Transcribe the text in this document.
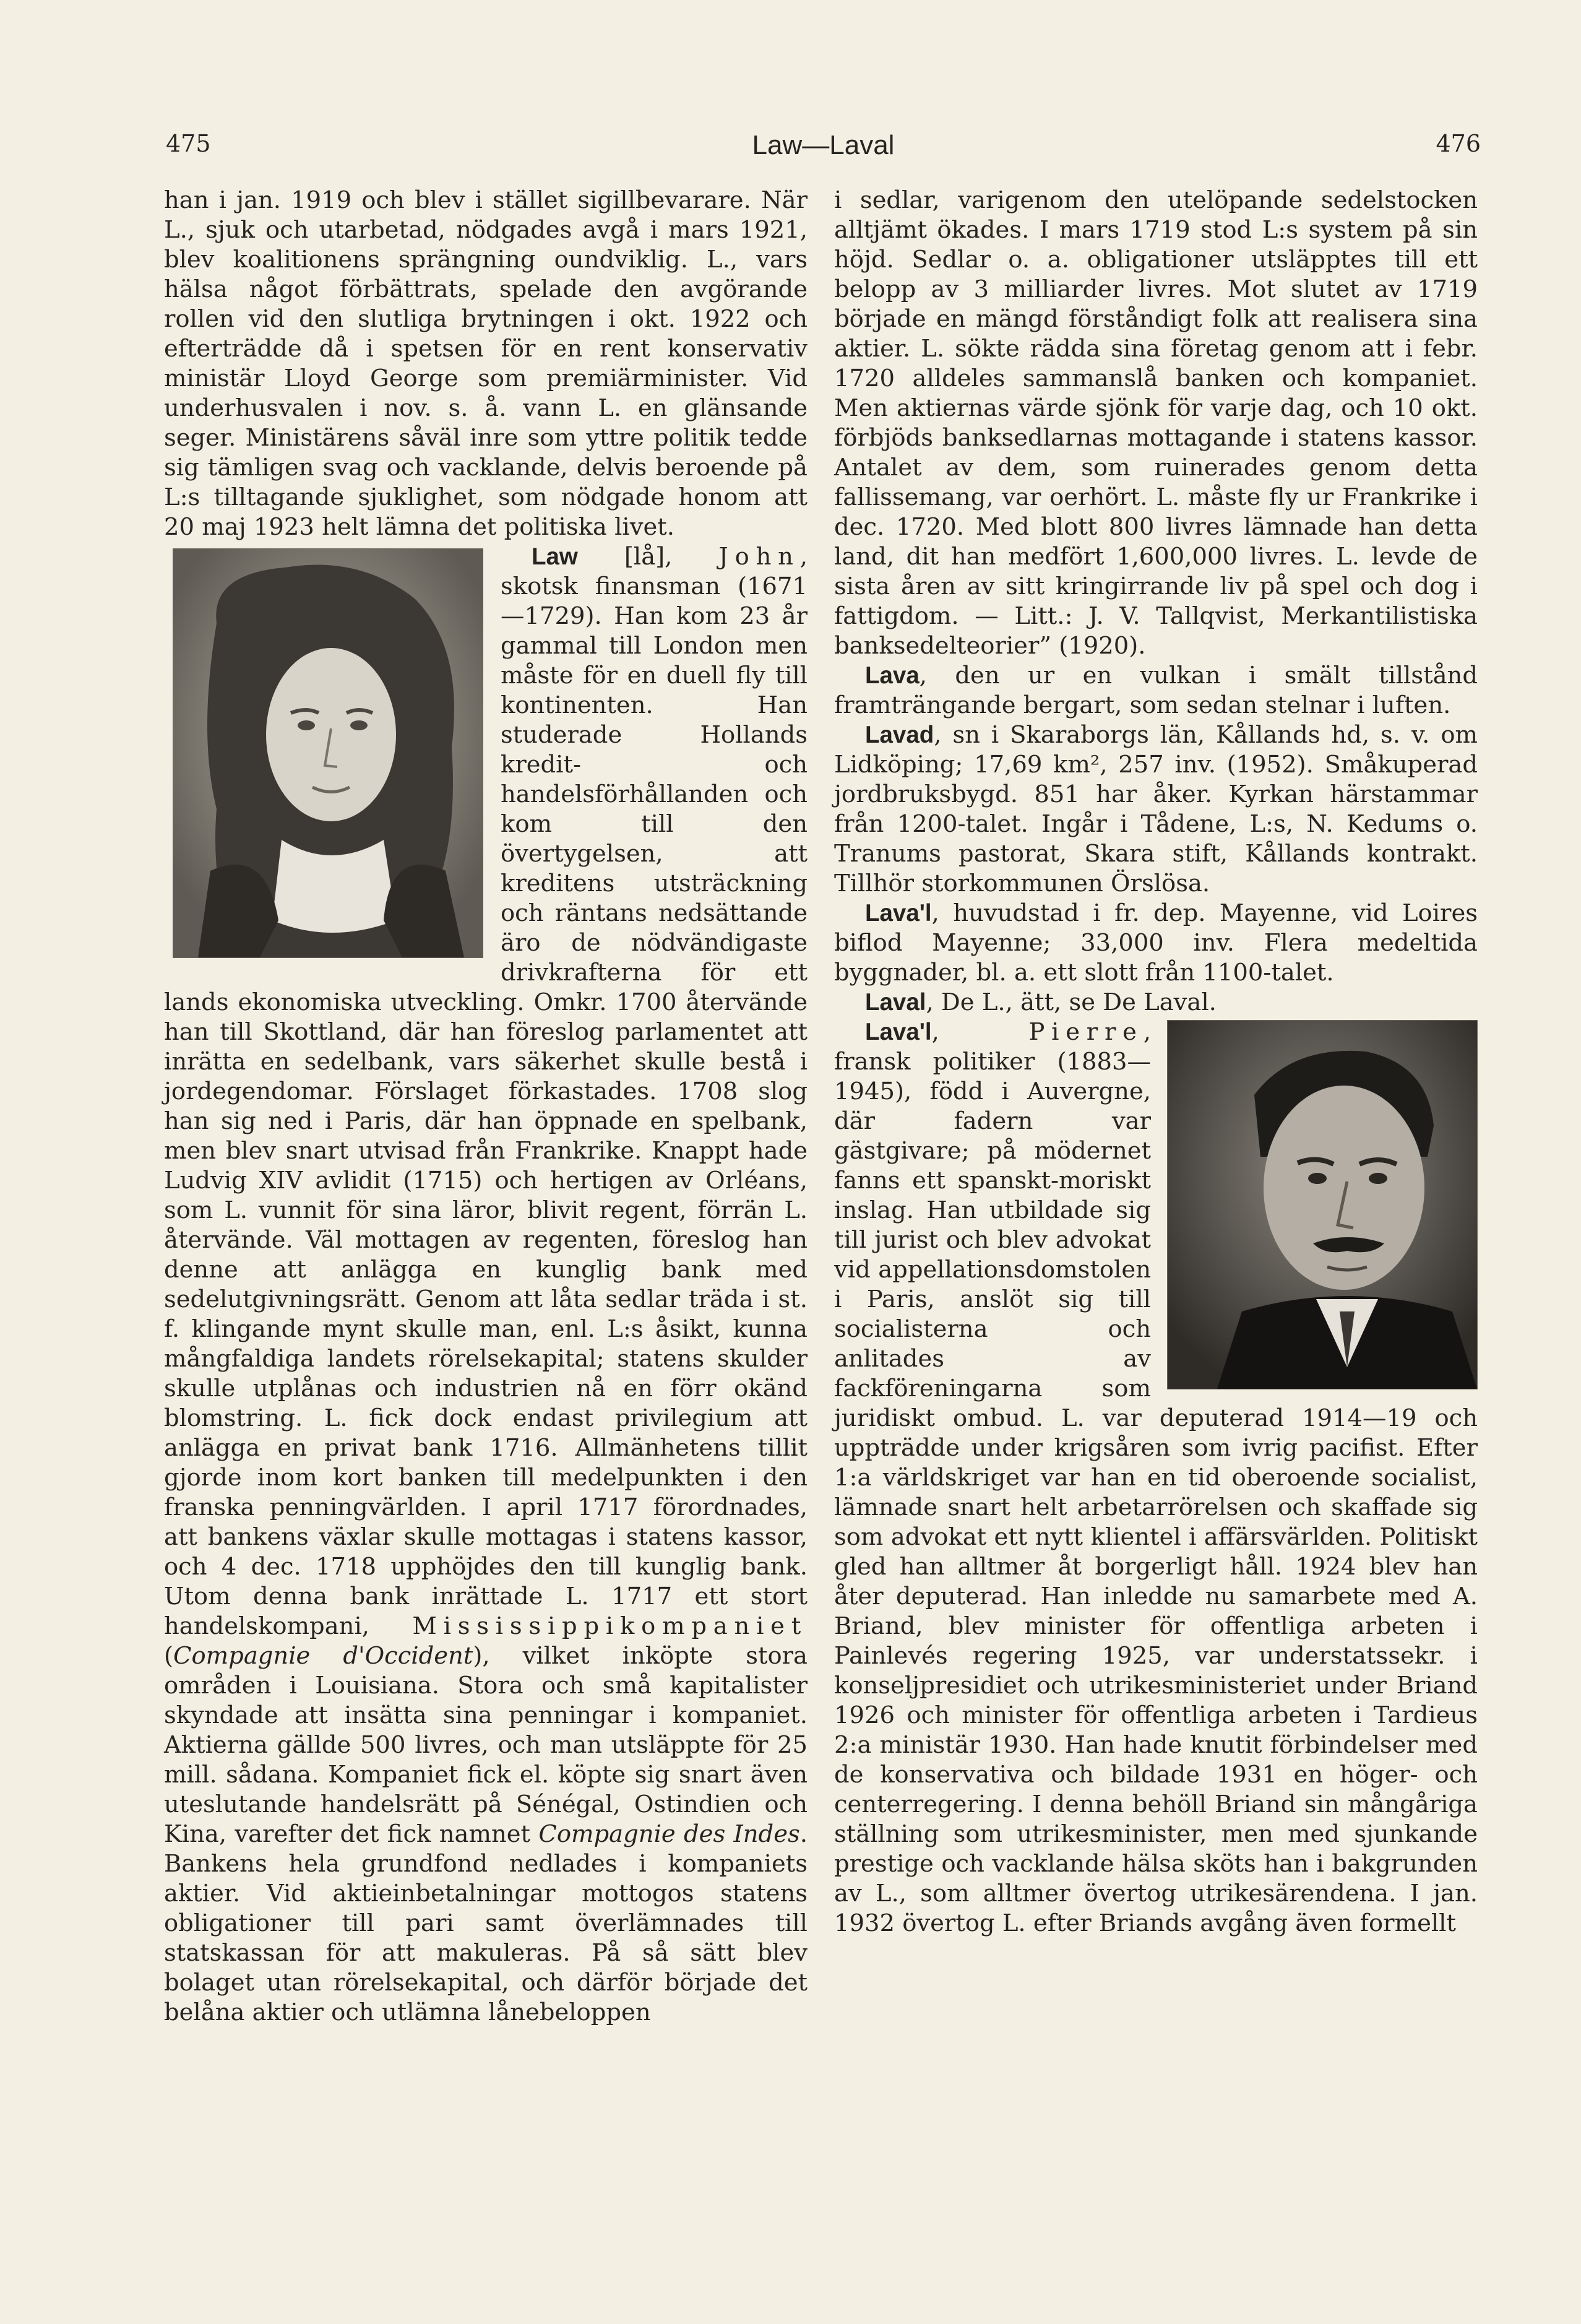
475	Law—Laval	476

han i jan. 1919 och blev i stället sigillbevarare. När L., sjuk och utarbetad, nödgades avgå i mars 1921, blev koalitionens sprängning oundviklig. L., vars hälsa något förbättrats, spelade den avgörande rollen vid den slutliga brytningen i okt. 1922 och efterträdde då i spetsen för en rent konservativ ministär Lloyd George som premiärminister. Vid underhusvalen i nov. s. å. vann L. en glänsande seger. Ministärens såväl inre som yttre politik tedde sig tämligen svag och vacklande, delvis beroende på L:s tilltagande sjuklighet, som nödgade honom att 20 maj 1923 helt lämna det politiska livet.

Law [lå], John
, skotsk finansman (1671—1729). Han kom 23 år gammal till London men måste för en duell fly till kontinenten. Han studerade Hollands kredit- och handelsförhållanden och kom till den övertygelsen, att kreditens utsträckning och räntans nedsättande äro de nödvändigaste drivkrafterna för ett lands ekonomiska utveckling. Omkr. 1700 återvände han till Skottland, där han föreslog parlamentet att inrätta en sedelbank, vars säkerhet skulle bestå i jordegendomar. Förslaget förkastades. 1708 slog han sig ned i Paris, där han öppnade en spelbank, men blev snart utvisad från Frankrike. Knappt hade Ludvig XIV avlidit (1715) och hertigen av Orléans, som L. vunnit för sina läror, blivit regent, förrän L. återvände. Väl mottagen av regenten, föreslog han denne att anlägga en kunglig bank med sedelutgivningsrätt. Genom att låta sedlar träda i st. f. klingande mynt skulle man, enl. L:s åsikt, kunna mångfaldiga landets rörelsekapital; statens skulder skulle utplånas och industrien nå en förr okänd blomstring. L. fick dock endast privilegium att anlägga en privat bank 1716. Allmänhetens tillit gjorde inom kort banken till medelpunkten i den franska penningvärlden. I april 1717 förordnades, att bankens växlar skulle mottagas i statens kassor, och 4 dec. 1718 upphöjdes den till kunglig bank. Utom denna bank inrättade L. 1717 ett stort handelskompani, Mississippikompaniet (Compagnie d'Occident), vilket inköpte stora områden i Louisiana. Stora och små kapitalister skyndade att insätta sina penningar i kompaniet. Aktierna gällde 500 livres, och man utsläppte för 25 mill. sådana. Kompaniet fick el. köpte sig snart även uteslutande handelsrätt på Sénégal, Ostindien och Kina, varefter det fick namnet Compagnie des Indes. Bankens hela grundfond nedlades i kompaniets aktier. Vid aktieinbetalningar mottogos statens obligationer till pari samt överlämnades till statskassan för att makuleras. På så sätt blev bolaget utan rörelsekapital, och därför började det belåna aktier och utlämna lånebeloppen

i sedlar, varigenom den utelöpande sedelstocken alltjämt ökades. I mars 1719 stod L:s system på sin höjd. Sedlar o. a. obligationer utsläpptes till ett belopp av 3 milliarder livres. Mot slutet av 1719 började en mängd förståndigt folk att realisera sina aktier. L. sökte rädda sina företag genom att i febr. 1720 alldeles sammanslå banken och kompaniet. Men aktiernas värde sjönk för varje dag, och 10 okt. förbjöds banksedlarnas mottagande i statens kassor. Antalet av dem, som ruinerades genom detta fallissemang, var oerhört. L. måste fly ur Frankrike i dec. 1720. Med blott 800 livres lämnade han detta land, dit han medfört 1,600,000 livres. L. levde de sista åren av sitt kringirrande liv på spel och dog i fattigdom. — Litt.: J. V. Tallqvist, Merkantilistiska banksedelteorier” (1920).

Lava, den ur en vulkan i smält tillstånd framträngande bergart, som sedan stelnar i luften.

Lavad, sn i Skaraborgs län, Kållands hd, s. v. om Lidköping; 17,69 km², 257 inv. (1952). Småkuperad jordbruksbygd. 851 har åker. Kyrkan härstammar från 1200-talet. Ingår i Tådene, L:s, N. Kedums o. Tranums pastorat, Skara stift, Kållands kontrakt. Tillhör storkommunen Örslösa.

Lava'l, huvudstad i fr. dep. Mayenne, vid Loires biflod Mayenne; 33,000 inv. Flera medeltida byggnader, bl. a. ett slott från 1100-talet.

Laval, De L., ätt, se De Laval.

Lava'l, Pierre, fransk politiker (1883—1945), född i Auvergne, där fadern var gästgivare; på mödernet fanns ett spanskt-moriskt inslag. Han utbildade sig till jurist och blev advokat vid appellationsdomstolen i Paris, anslöt sig till socialisterna och anlitades av fackföreningarna som juridiskt ombud. L. var deputerad 1914—19 och uppträdde under krigsåren som ivrig pacifist. Efter 1:a världskriget var han en tid oberoende socialist, lämnade snart helt arbetarrörelsen och skaffade sig som advokat ett nytt klientel i affärsvärlden. Politiskt gled han alltmer åt borgerligt håll. 1924 blev han åter deputerad. Han inledde nu samarbete med A. Briand, blev minister för offentliga arbeten i Painlevés regering 1925, var understatssekr. i konseljpresidiet och utrikesministeriet under Briand 1926 och minister för offentliga arbeten i Tardieus 2:a ministär 1930. Han hade knutit förbindelser med de konservativa och bildade 1931 en höger- och centerregering. I denna behöll Briand sin mångåriga ställning som utrikesminister, men med sjunkande prestige och vacklande hälsa sköts han i bakgrunden av L., som alltmer övertog utrikesärendena. I jan. 1932 övertog L. efter Briands avgång även formellt
